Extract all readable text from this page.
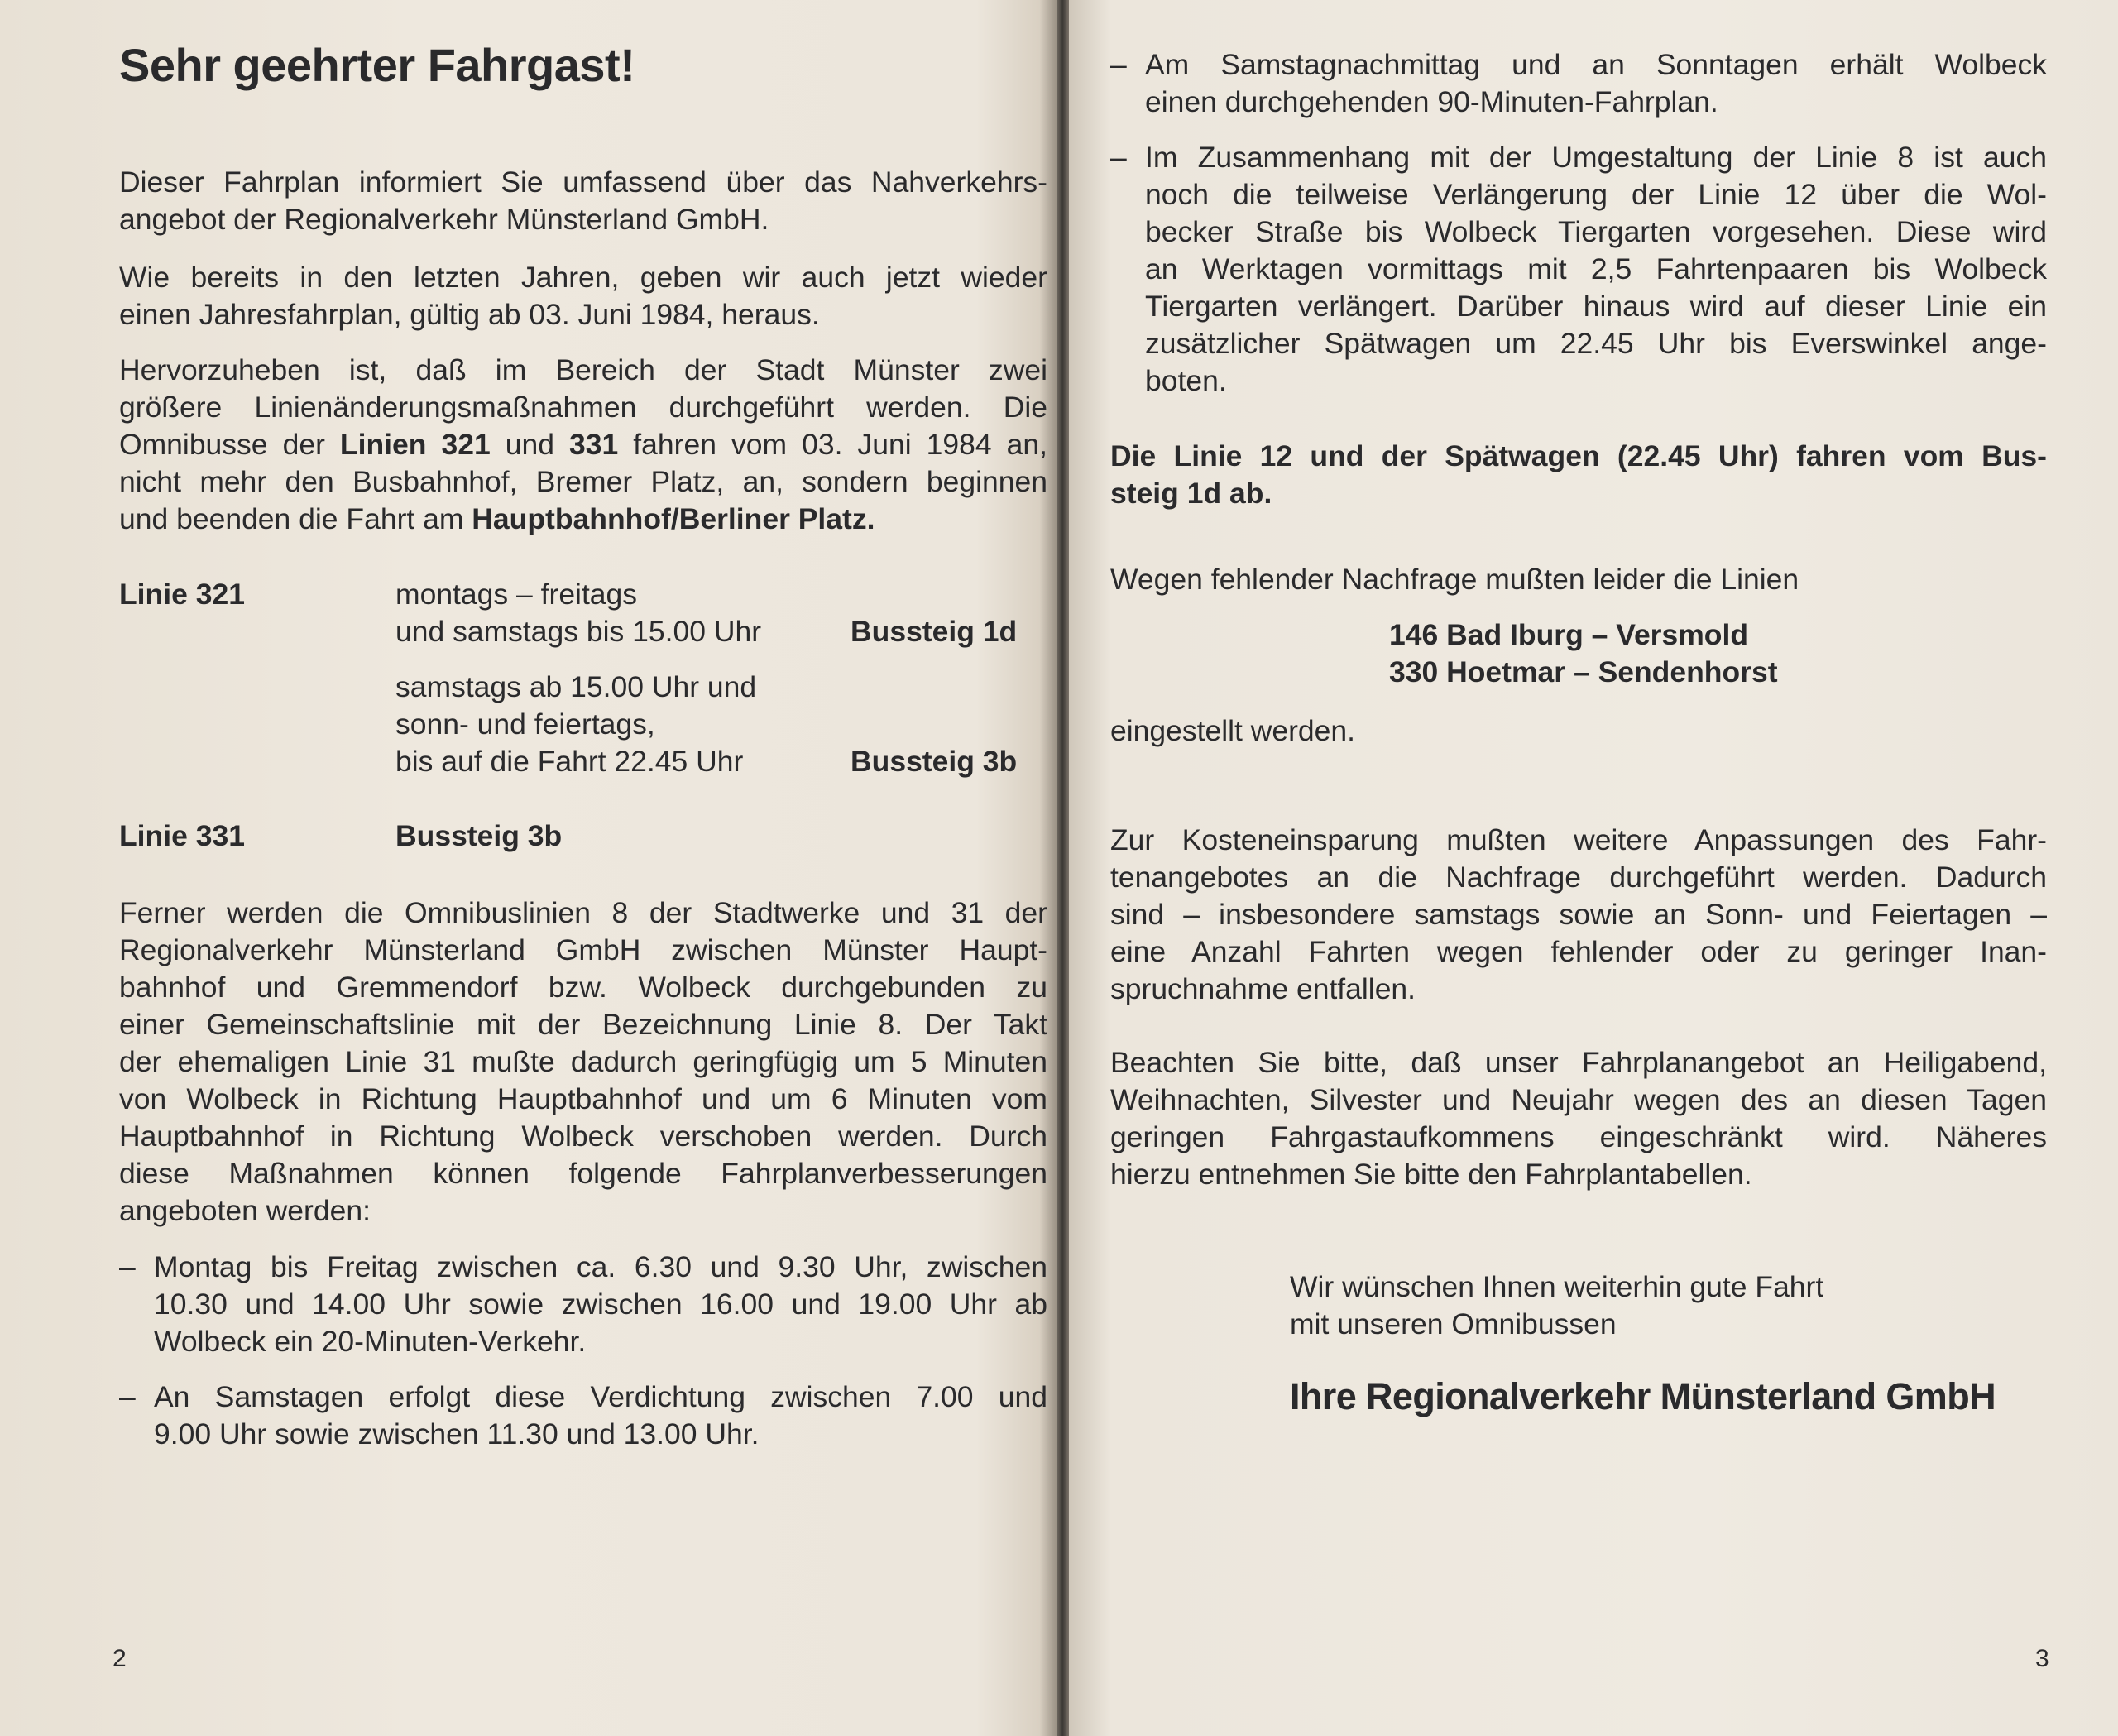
Sehr geehrter Fahrgast!
Dieser Fahrplan informiert Sie umfassend über das Nahverkehrs-
angebot der Regionalverkehr Münsterland GmbH.
Wie bereits in den letzten Jahren, geben wir auch jetzt wieder
einen Jahresfahrplan, gültig ab 03. Juni 1984, heraus.
Hervorzuheben ist, daß im Bereich der Stadt Münster zwei
größere Linienänderungsmaßnahmen durchgeführt werden. Die
Omnibusse der Linien 321 und 331 fahren vom 03. Juni 1984 an,
nicht mehr den Busbahnhof, Bremer Platz, an, sondern beginnen
und beenden die Fahrt am Hauptbahnhof/Berliner Platz.
Linie 321	montags – freitags
und samstags bis 15.00 Uhr	Bussteig 1d
samstags ab 15.00 Uhr und
sonn- und feiertags,
bis auf die Fahrt 22.45 Uhr	Bussteig 3b
Linie 331	Bussteig 3b
Ferner werden die Omnibuslinien 8 der Stadtwerke und 31 der
Regionalverkehr Münsterland GmbH zwischen Münster Haupt-
bahnhof und Gremmendorf bzw. Wolbeck durchgebunden zu
einer Gemeinschaftslinie mit der Bezeichnung Linie 8. Der Takt
der ehemaligen Linie 31 mußte dadurch geringfügig um 5 Minuten
von Wolbeck in Richtung Hauptbahnhof und um 6 Minuten vom
Hauptbahnhof in Richtung Wolbeck verschoben werden. Durch
diese Maßnahmen können folgende Fahrplanverbesserungen
angeboten werden:
– Montag bis Freitag zwischen ca. 6.30 und 9.30 Uhr, zwischen
10.30 und 14.00 Uhr sowie zwischen 16.00 und 19.00 Uhr ab
Wolbeck ein 20-Minuten-Verkehr.
– An Samstagen erfolgt diese Verdichtung zwischen 7.00 und
9.00 Uhr sowie zwischen 11.30 und 13.00 Uhr.
2
– Am Samstagnachmittag und an Sonntagen erhält Wolbeck
einen durchgehenden 90-Minuten-Fahrplan.
– Im Zusammenhang mit der Umgestaltung der Linie 8 ist auch
noch die teilweise Verlängerung der Linie 12 über die Wol-
becker Straße bis Wolbeck Tiergarten vorgesehen. Diese wird
an Werktagen vormittags mit 2,5 Fahrtenpaaren bis Wolbeck
Tiergarten verlängert. Darüber hinaus wird auf dieser Linie ein
zusätzlicher Spätwagen um 22.45 Uhr bis Everswinkel ange-
boten.
Die Linie 12 und der Spätwagen (22.45 Uhr) fahren vom Bus-
steig 1d ab.
Wegen fehlender Nachfrage mußten leider die Linien
146 Bad Iburg – Versmold
330 Hoetmar – Sendenhorst
eingestellt werden.
Zur Kosteneinsparung mußten weitere Anpassungen des Fahr-
tenangebotes an die Nachfrage durchgeführt werden. Dadurch
sind – insbesondere samstags sowie an Sonn- und Feiertagen –
eine Anzahl Fahrten wegen fehlender oder zu geringer Inan-
spruchnahme entfallen.
Beachten Sie bitte, daß unser Fahrplanangebot an Heiligabend,
Weihnachten, Silvester und Neujahr wegen des an diesen Tagen
geringen Fahrgastaufkommens eingeschränkt wird. Näheres
hierzu entnehmen Sie bitte den Fahrplantabellen.
Wir wünschen Ihnen weiterhin gute Fahrt
mit unseren Omnibussen
Ihre Regionalverkehr Münsterland GmbH
3
